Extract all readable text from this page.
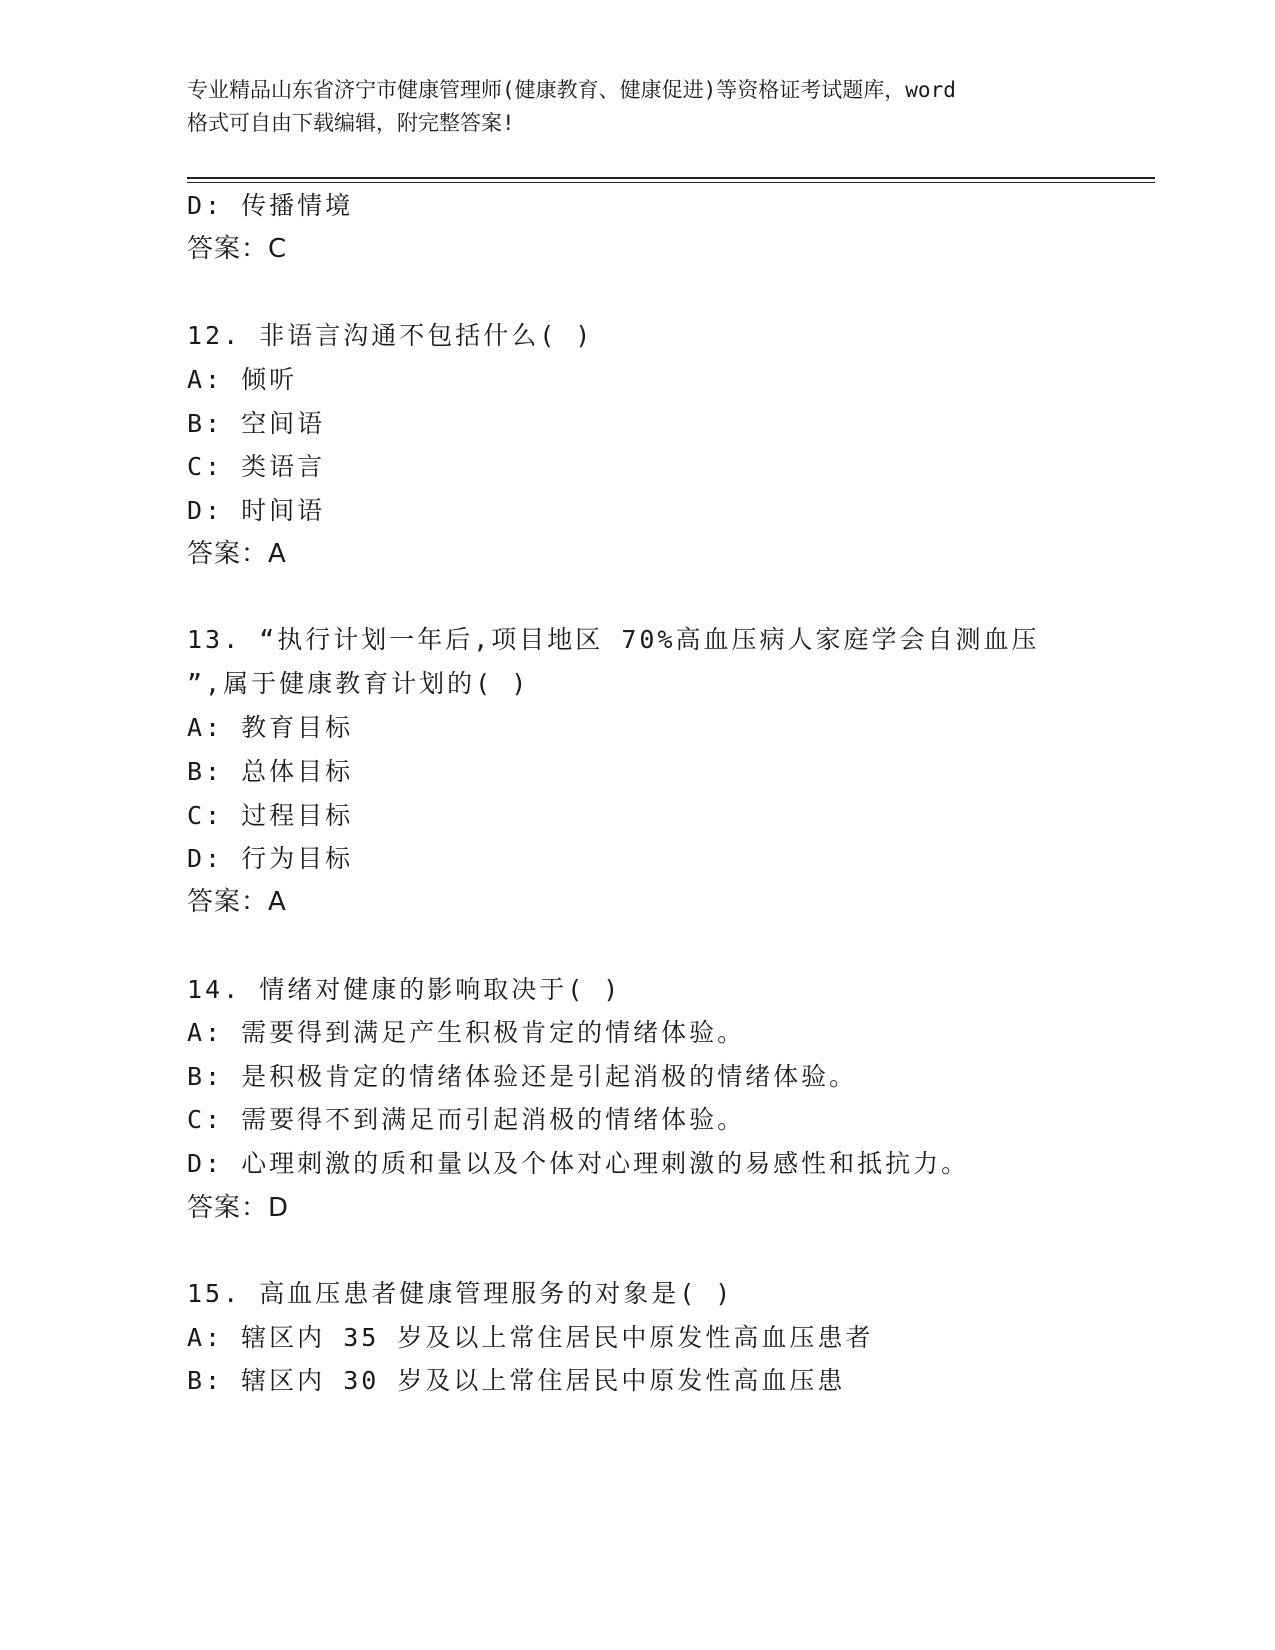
专业精品山东省济宁市健康管理师(健康教育、健康促进)等资格证考试题库，word
格式可自由下载编辑，附完整答案!
D: 传播情境
答案：C
12. 非语言沟通不包括什么( )
A: 倾听
B: 空间语
C: 类语言
D: 时间语
答案：A
13. “执行计划一年后,项目地区 70%高血压病人家庭学会自测血压
”,属于健康教育计划的( )
A: 教育目标
B: 总体目标
C: 过程目标
D: 行为目标
答案：A
14. 情绪对健康的影响取决于( )
A: 需要得到满足产生积极肯定的情绪体验。
B: 是积极肯定的情绪体验还是引起消极的情绪体验。
C: 需要得不到满足而引起消极的情绪体验。
D: 心理刺激的质和量以及个体对心理刺激的易感性和抵抗力。
答案：D
15. 高血压患者健康管理服务的对象是( )
A: 辖区内 35 岁及以上常住居民中原发性高血压患者
B: 辖区内 30 岁及以上常住居民中原发性高血压患
